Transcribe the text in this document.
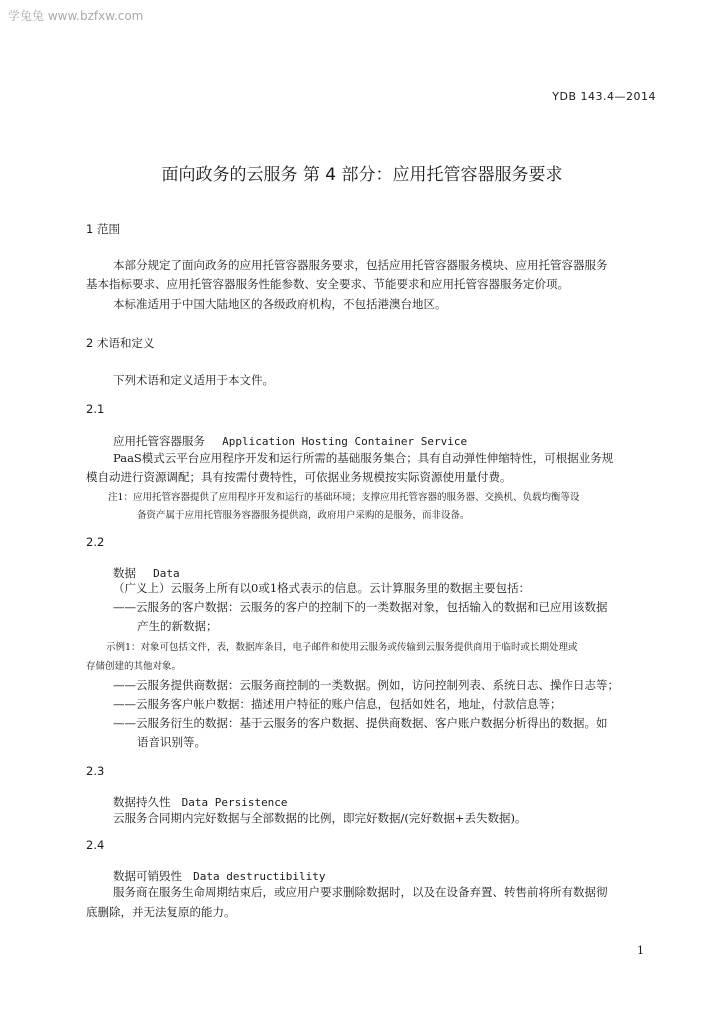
学兔兔 www.bzfxw.com
YDB 143.4—2014
面向政务的云服务 第 4 部分：应用托管容器服务要求
1 范围
本部分规定了面向政务的应用托管容器服务要求，包括应用托管容器服务模块、应用托管容器服务
基本指标要求、应用托管容器服务性能参数、安全要求、节能要求和应用托管容器服务定价项。
本标准适用于中国大陆地区的各级政府机构，不包括港澳台地区。
2 术语和定义
下列术语和定义适用于本文件。
2.1
应用托管容器服务 Application Hosting Container Service
PaaS模式云平台应用程序开发和运行所需的基础服务集合；具有自动弹性伸缩特性，可根据业务规
模自动进行资源调配；具有按需付费特性，可依据业务规模按实际资源使用量付费。
注1：应用托管容器提供了应用程序开发和运行的基础环境；支撑应用托管容器的服务器、交换机、负载均衡等设
备资产属于应用托管服务容器服务提供商，政府用户采购的是服务，而非设备。
2.2
数据 Data
（广义上）云服务上所有以0或1格式表示的信息。云计算服务里的数据主要包括：
——云服务的客户数据：云服务的客户的控制下的一类数据对象，包括输入的数据和已应用该数据
产生的新数据；
示例1：对象可包括文件，表，数据库条目，电子邮件和使用云服务或传输到云服务提供商用于临时或长期处理或
存储创建的其他对象。
——云服务提供商数据：云服务商控制的一类数据。例如，访问控制列表、系统日志、操作日志等；
——云服务客户帐户数据：描述用户特征的账户信息，包括如姓名，地址，付款信息等；
——云服务衍生的数据：基于云服务的客户数据、提供商数据、客户账户数据分析得出的数据。如
语音识别等。
2.3
数据持久性 Data Persistence
云服务合同期内完好数据与全部数据的比例，即完好数据/(完好数据+丢失数据)。
2.4
数据可销毁性 Data destructibility
服务商在服务生命周期结束后，或应用户要求删除数据时，以及在设备弃置、转售前将所有数据彻
底删除，并无法复原的能力。
1
